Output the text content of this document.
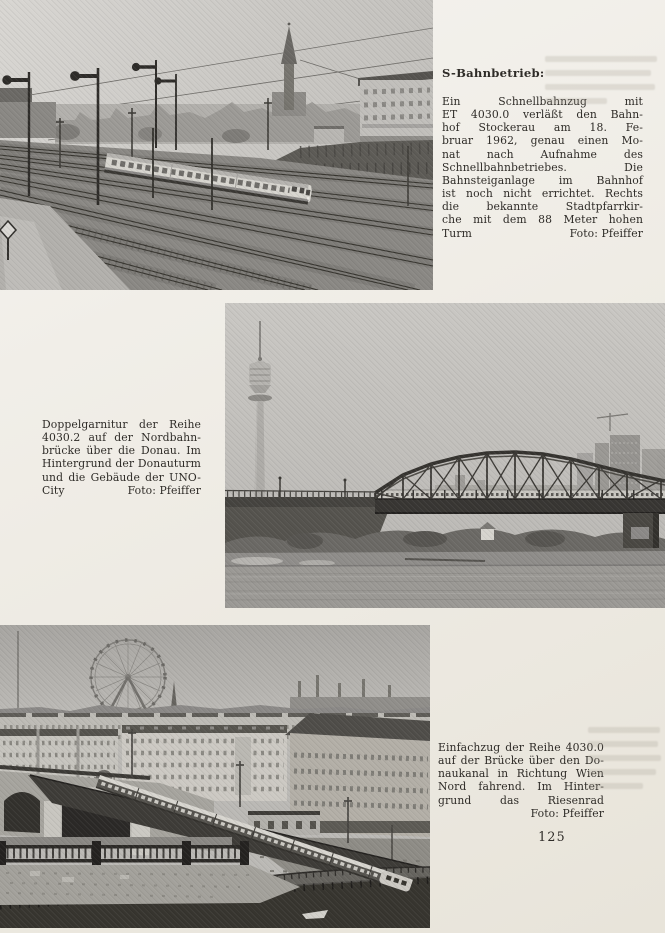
S-Bahnbetrieb:
Ein Schnellbahnzug mit
ET 4030.0 verläßt den Bahn-
hof Stockerau am 18. Fe-
bruar 1962, genau einen Mo-
nat nach Aufnahme des
Schnellbahnbetriebes. Die
Bahnsteiganlage im Bahnhof
ist noch nicht errichtet. Rechts
die bekannte Stadtpfarrkir-
che mit dem 88 Meter hohen
Turm	Foto: Pfeiffer
Doppelgarnitur der Reihe
4030.2 auf der Nordbahn-
brücke über die Donau. Im
Hintergrund der Donauturm
und die Gebäude der UNO-
City	Foto: Pfeiffer
Einfachzug der Reihe 4030.0
auf der Brücke über den Do-
naukanal in Richtung Wien
Nord fahrend. Im Hinter-
grund das Riesenrad
Foto: Pfeiffer
125
